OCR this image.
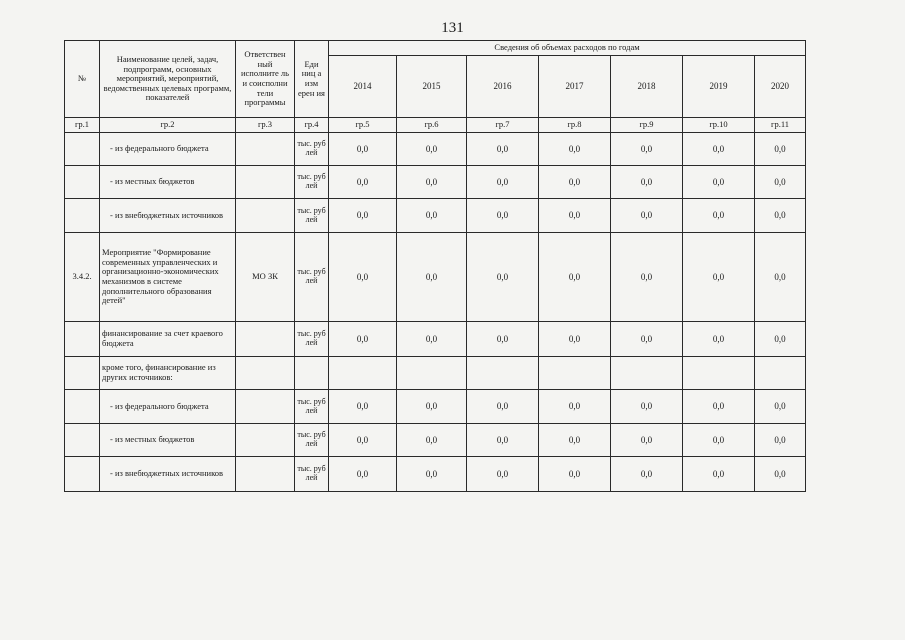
131
№	Наименование целей, задач, подпрограмм, основных мероприятий, мероприятий, ведомственных целевых программ, показателей	Ответствен ный исполните ль и соисполни тели программы	Еди ниц а изм ерен ия	Сведения об объемах расходов по годам						
				2014	2015	2016	2017	2018	2019	2020
гр.1	гр.2	гр.3	гр.4	гр.5	гр.6	гр.7	гр.8	гр.9	гр.10	гр.11
	- из федерального бюджета		тыс. руб лей	0,0	0,0	0,0	0,0	0,0	0,0	0,0
	- из местных бюджетов		тыс. руб лей	0,0	0,0	0,0	0,0	0,0	0,0	0,0
	- из внебюджетных источников		тыс. руб лей	0,0	0,0	0,0	0,0	0,0	0,0	0,0
3.4.2.	Мероприятие "Формирование современных управленческих и организационно-экономических механизмов в системе дополнительного образования детей"	МО ЗК	тыс. руб лей	0,0	0,0	0,0	0,0	0,0	0,0	0,0
	финансирование за счет краевого бюджета		тыс. руб лей	0,0	0,0	0,0	0,0	0,0	0,0	0,0
	кроме того, финансирование из других источников:									
	- из федерального бюджета		тыс. руб лей	0,0	0,0	0,0	0,0	0,0	0,0	0,0
	- из местных бюджетов		тыс. руб лей	0,0	0,0	0,0	0,0	0,0	0,0	0,0
	- из внебюджетных источников		тыс. руб лей	0,0	0,0	0,0	0,0	0,0	0,0	0,0
